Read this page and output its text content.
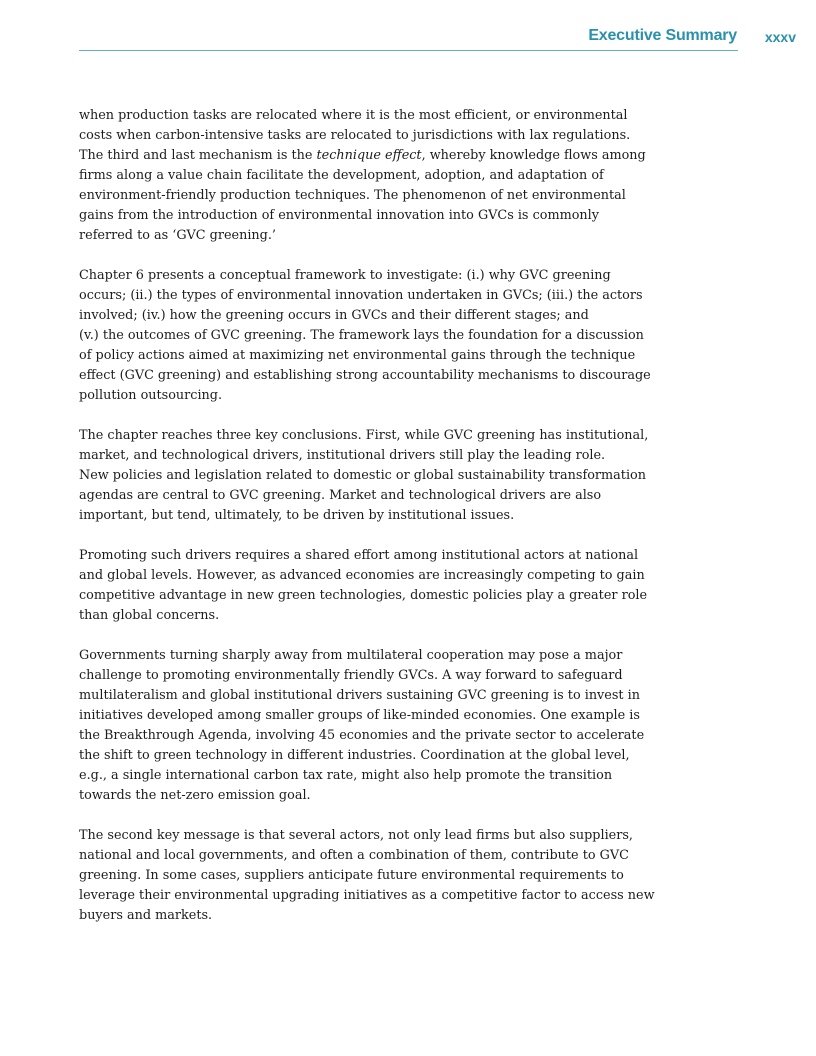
Executive Summary xxxv

when production tasks are relocated where it is the most efficient, or environmental
costs when carbon-intensive tasks are relocated to jurisdictions with lax regulations.
The third and last mechanism is the technique effect, whereby knowledge flows among
firms along a value chain facilitate the development, adoption, and adaptation of
environment-friendly production techniques. The phenomenon of net environmental
gains from the introduction of environmental innovation into GVCs is commonly
referred to as ‘GVC greening.’

Chapter 6 presents a conceptual framework to investigate: (i.) why GVC greening
occurs; (ii.) the types of environmental innovation undertaken in GVCs; (iii.) the actors
involved; (iv.) how the greening occurs in GVCs and their different stages; and
(v.) the outcomes of GVC greening. The framework lays the foundation for a discussion
of policy actions aimed at maximizing net environmental gains through the technique
effect (GVC greening) and establishing strong accountability mechanisms to discourage
pollution outsourcing.

The chapter reaches three key conclusions. First, while GVC greening has institutional,
market, and technological drivers, institutional drivers still play the leading role.
New policies and legislation related to domestic or global sustainability transformation
agendas are central to GVC greening. Market and technological drivers are also
important, but tend, ultimately, to be driven by institutional issues.

Promoting such drivers requires a shared effort among institutional actors at national
and global levels. However, as advanced economies are increasingly competing to gain
competitive advantage in new green technologies, domestic policies play a greater role
than global concerns.

Governments turning sharply away from multilateral cooperation may pose a major
challenge to promoting environmentally friendly GVCs. A way forward to safeguard
multilateralism and global institutional drivers sustaining GVC greening is to invest in
initiatives developed among smaller groups of like-minded economies. One example is
the Breakthrough Agenda, involving 45 economies and the private sector to accelerate
the shift to green technology in different industries. Coordination at the global level,
e.g., a single international carbon tax rate, might also help promote the transition
towards the net-zero emission goal.

The second key message is that several actors, not only lead firms but also suppliers,
national and local governments, and often a combination of them, contribute to GVC
greening. In some cases, suppliers anticipate future environmental requirements to
leverage their environmental upgrading initiatives as a competitive factor to access new
buyers and markets.
